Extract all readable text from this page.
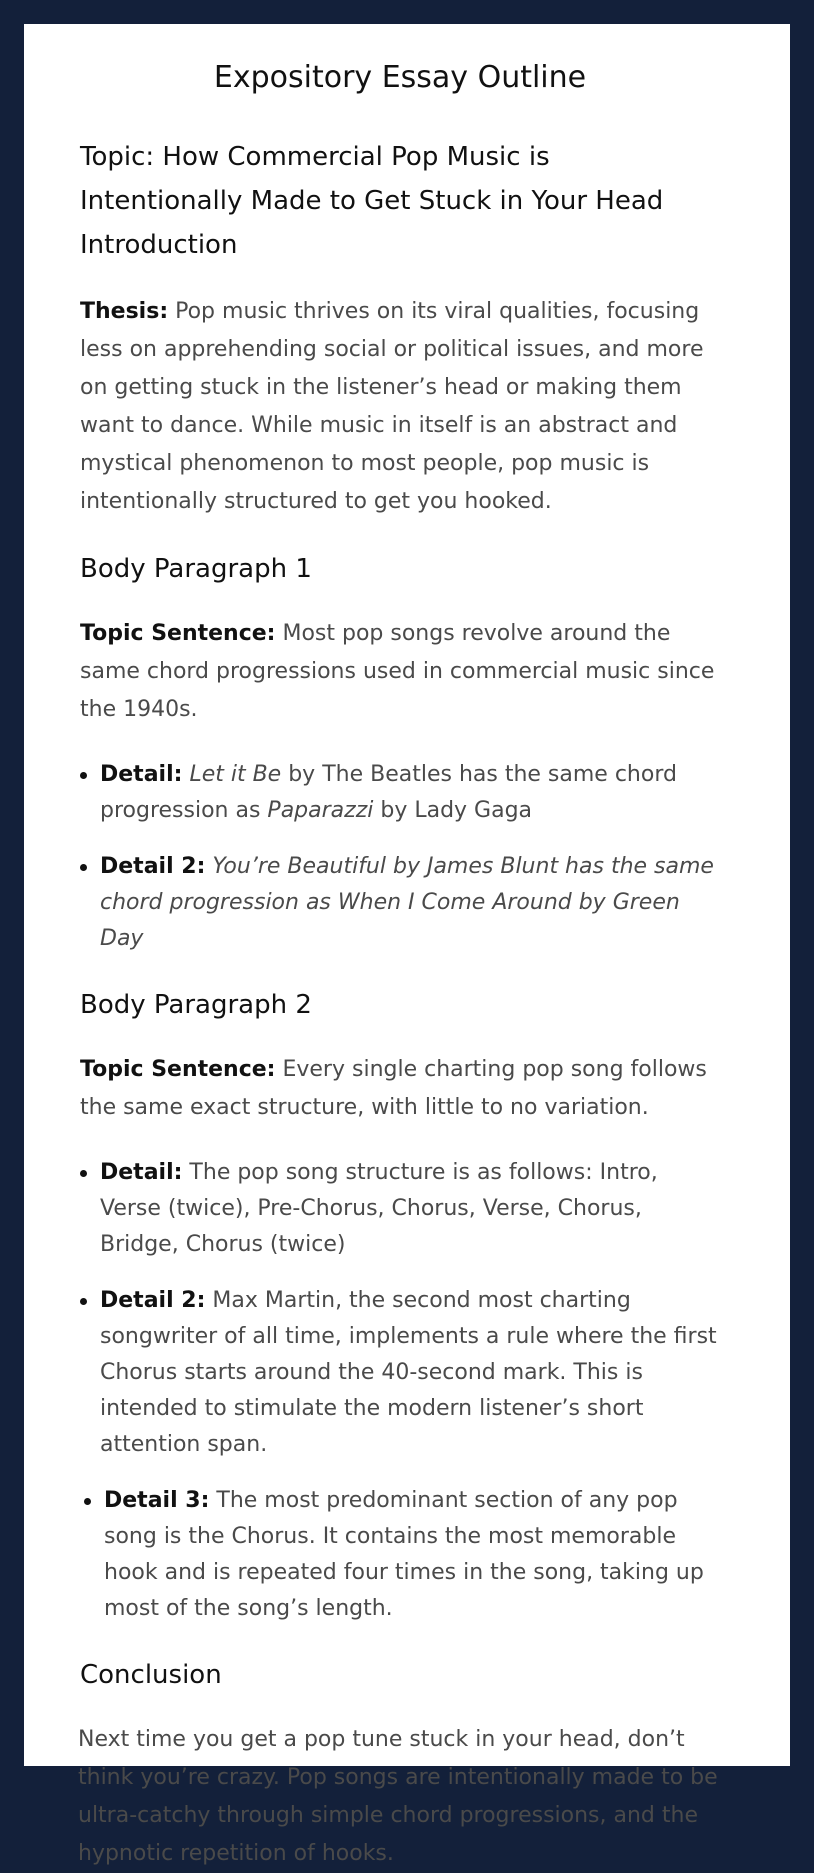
Expository Essay Outline
Topic: How Commercial Pop Music is Intentionally Made to Get Stuck in Your Head Introduction

Thesis: Pop music thrives on its viral qualities, focusing less on apprehending social or political issues, and more on getting stuck in the listener’s head or making them want to dance. While music in itself is an abstract and mystical phenomenon to most people, pop music is intentionally structured to get you hooked.

Body Paragraph 1

Topic Sentence: Most pop songs revolve around the same chord progressions used in commercial music since the 1940s.

Detail: Let it Be by The Beatles has the same chord progression as Paparazzi by Lady Gaga
Detail 2: You’re Beautiful by James Blunt has the same chord progression as When I Come Around by Green Day
Body Paragraph 2

Topic Sentence: Every single charting pop song follows the same exact structure, with little to no variation.

Detail: The pop song structure is as follows: Intro, Verse (twice), Pre-Chorus, Chorus, Verse, Chorus, Bridge, Chorus (twice)
Detail 2: Max Martin, the second most charting songwriter of all time, implements a rule where the first Chorus starts around the 40-second mark. This is intended to stimulate the modern listener’s short attention span.
Detail 3: The most predominant section of any pop song is the Chorus. It contains the most memorable hook and is repeated four times in the song, taking up most of the song’s length.
Conclusion

Next time you get a pop tune stuck in your head, don’t think you’re crazy. Pop songs are intentionally made to be ultra-catchy through simple chord progressions, and the hypnotic repetition of hooks.
